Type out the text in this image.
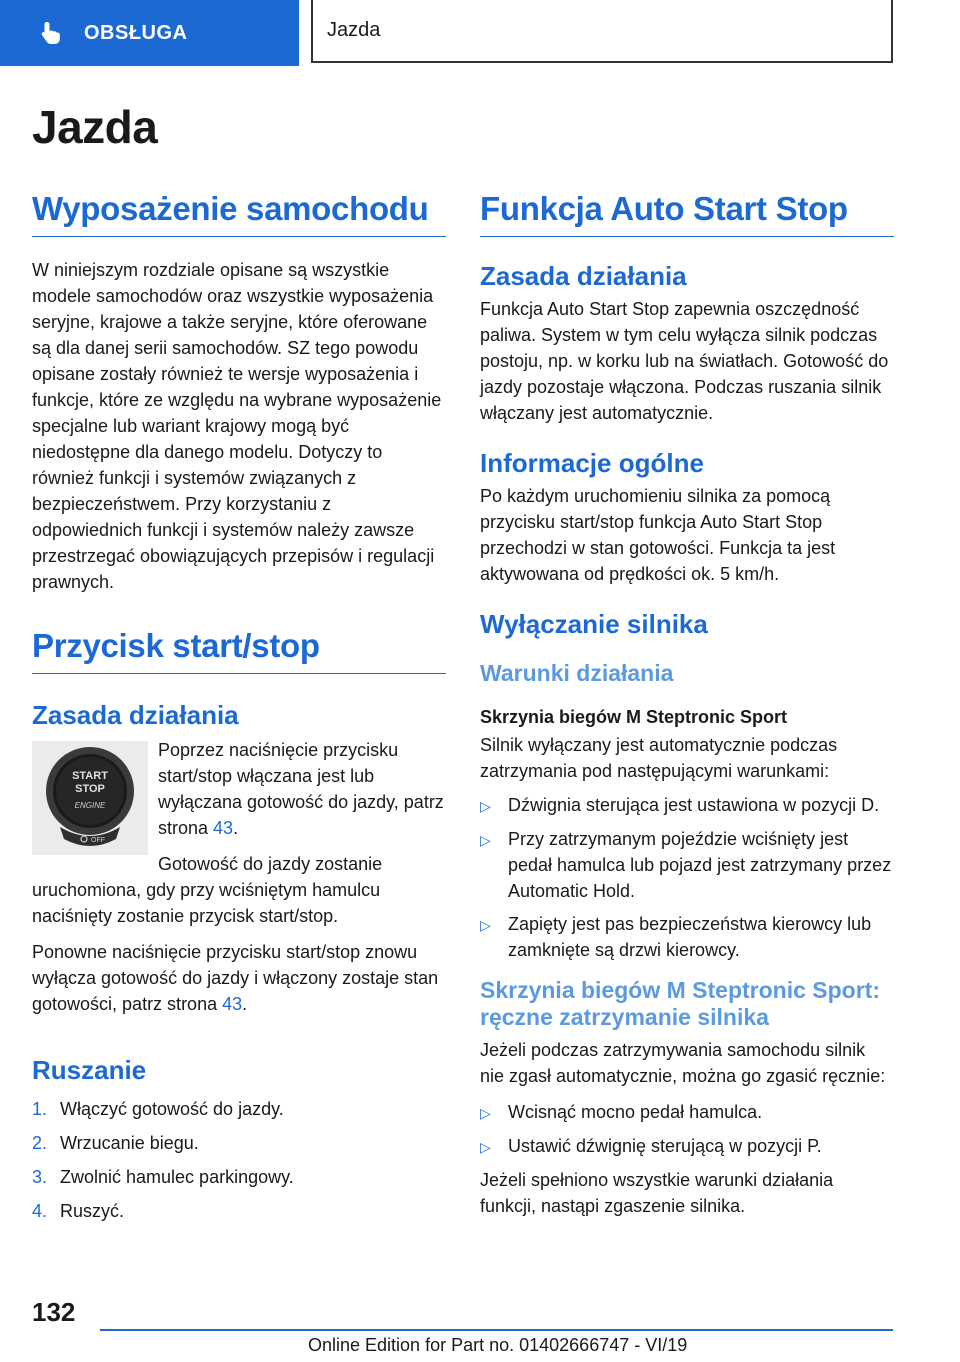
OBSŁUGA	Jazda
Jazda
Wyposażenie samochodu

W niniejszym rozdziale opisane są wszystkie modele samochodów oraz wszystkie wyposażenia seryjne, krajowe a także seryjne, które oferowane są dla danej serii samochodów. SZ tego powodu opisane zostały również te wersje wyposażenia i funkcje, które ze względu na wybrane wyposażenie specjalne lub wariant krajowy mogą być niedostępne dla danego modelu. Dotyczy to również funkcji i systemów związanych z bezpieczeństwem. Przy korzystaniu z odpowiednich funkcji i systemów należy zawsze przestrzegać obowiązujących przepisów i regulacji prawnych.

Przycisk start/stop
Zasada działania
START
STOP
ENGINE
OFF

Poprzez naciśnięcie przycisku start/stop włączana jest lub wyłączana gotowość do jazdy, patrz strona 43.

Gotowość do jazdy zostanie uruchomiona, gdy przy wciśniętym hamulcu naciśnięty zostanie przycisk start/stop.

Ponowne naciśnięcie przycisku start/stop znowu wyłącza gotowość do jazdy i włączony zostaje stan gotowości, patrz strona 43.

Ruszanie
1. Włączyć gotowość do jazdy.
2. Wrzucanie biegu.
3. Zwolnić hamulec parkingowy.
4. Ruszyć.
Funkcja Auto Start Stop
Zasada działania

Funkcja Auto Start Stop zapewnia oszczędność paliwa. System w tym celu wyłącza silnik podczas postoju, np. w korku lub na światłach. Gotowość do jazdy pozostaje włączona. Podczas ruszania silnik włączany jest automatycznie.

Informacje ogólne

Po każdym uruchomieniu silnika za pomocą przycisku start/stop funkcja Auto Start Stop przechodzi w stan gotowości. Funkcja ta jest aktywowana od prędkości ok. 5 km/h.

Wyłączanie silnika
Warunki działania
Skrzynia biegów M Steptronic Sport

Silnik wyłączany jest automatycznie podczas zatrzymania pod następującymi warunkami:

▷ Dźwignia sterująca jest ustawiona w pozycji D.
▷ Przy zatrzymanym pojeździe wciśnięty jest pedał hamulca lub pojazd jest zatrzymany przez Automatic Hold.
▷ Zapięty jest pas bezpieczeństwa kierowcy lub zamknięte są drzwi kierowcy.
Skrzynia biegów M Steptronic Sport: ręczne zatrzymanie silnika

Jeżeli podczas zatrzymywania samochodu silnik nie zgasł automatycznie, można go zgasić ręcznie:

▷ Wcisnąć mocno pedał hamulca.
▷ Ustawić dźwignię sterującą w pozycji P.

Jeżeli spełniono wszystkie warunki działania funkcji, nastąpi zgaszenie silnika.

132

Online Edition for Part no. 01402666747 - VI/19
